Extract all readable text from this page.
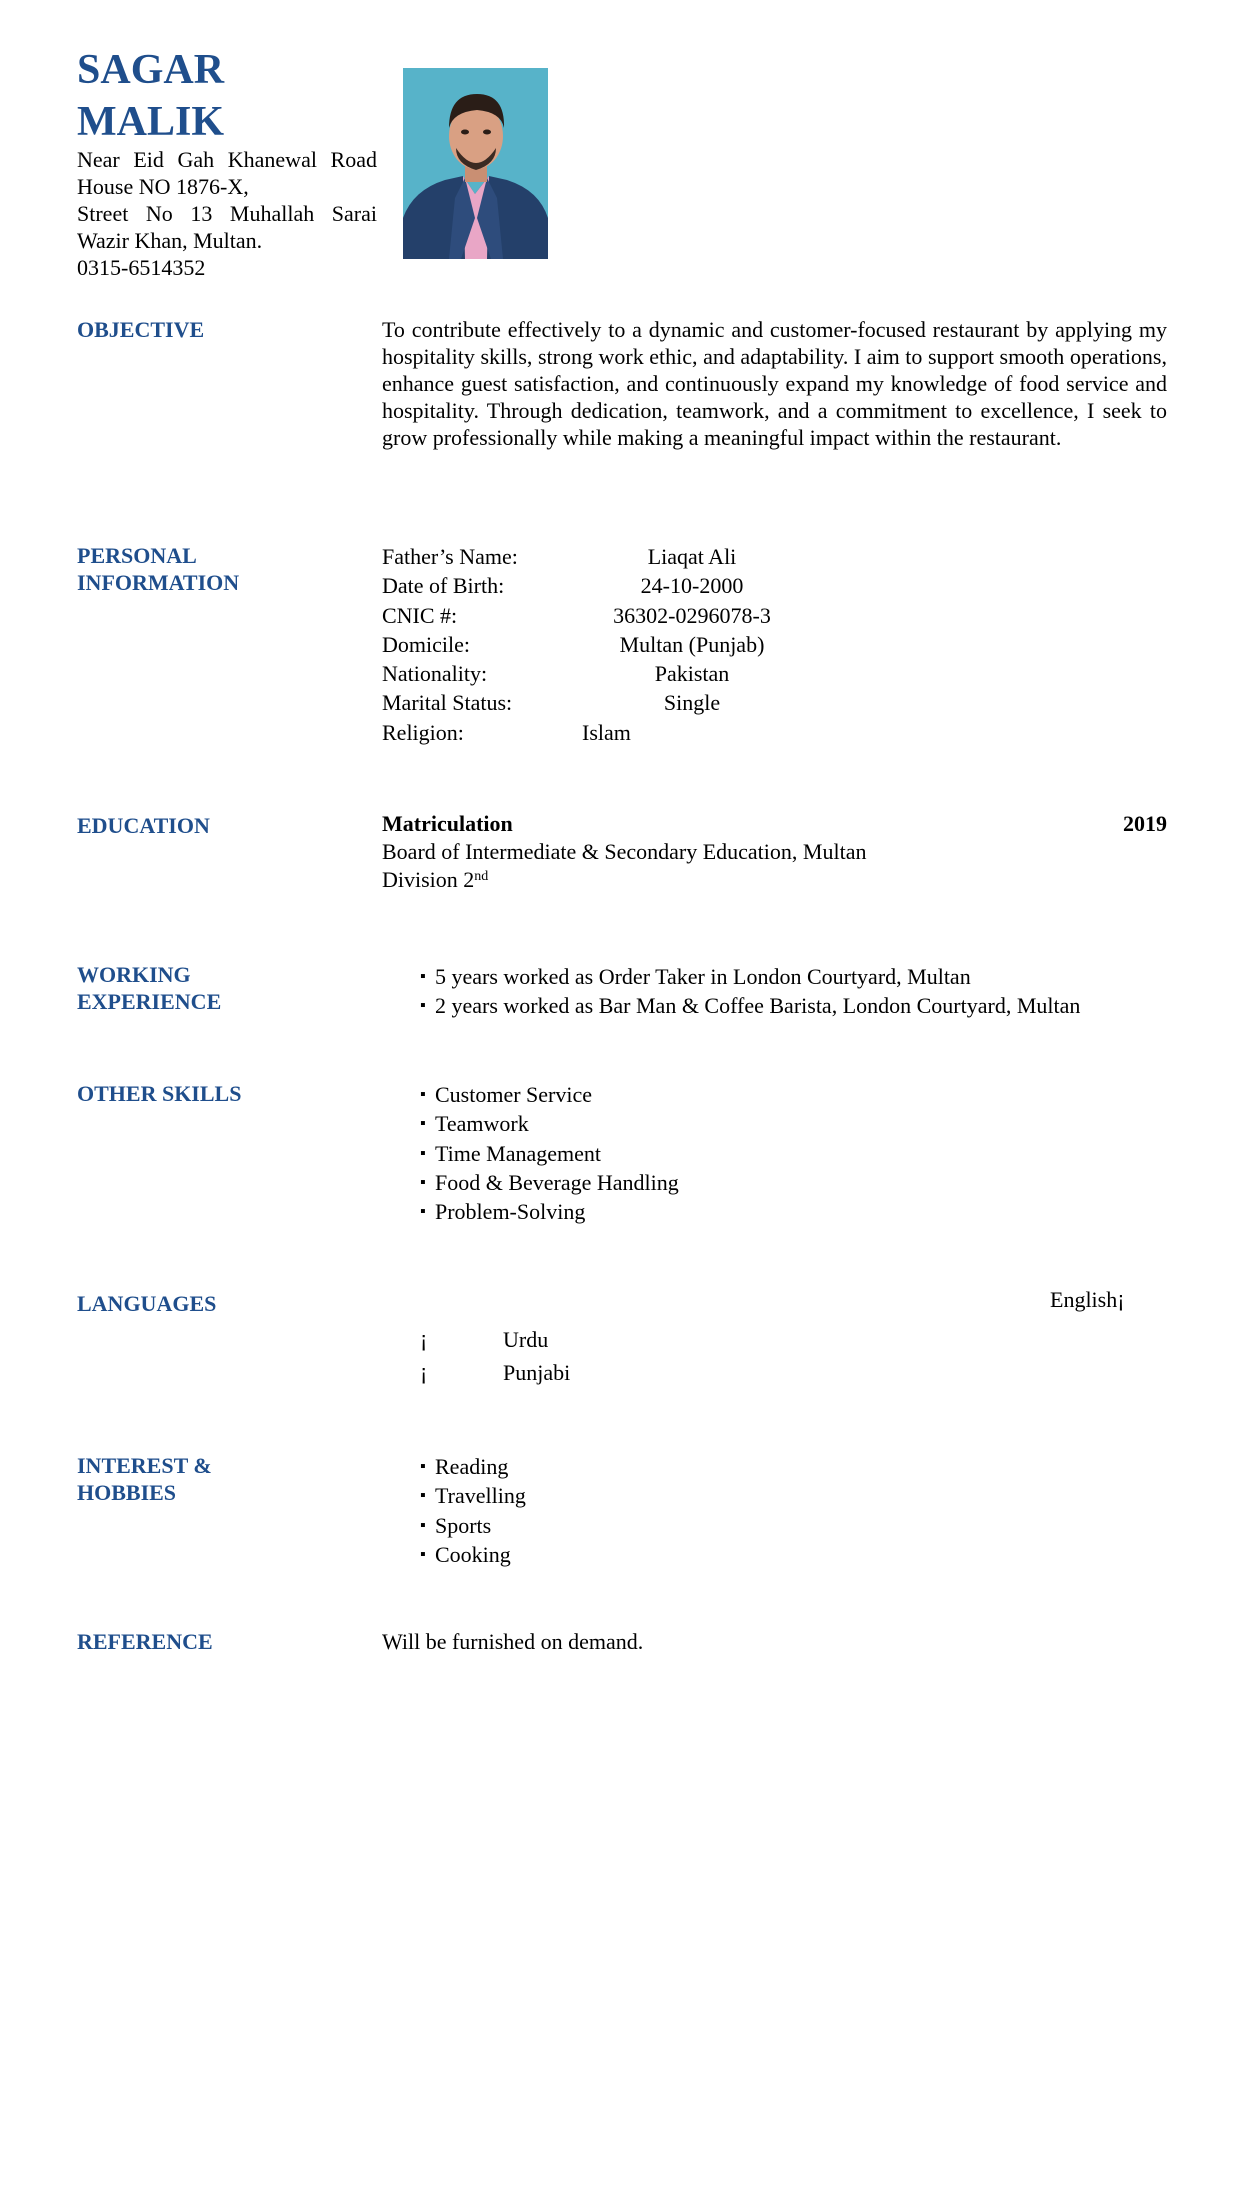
SAGAR
MALIK
Near Eid Gah Khanewal Road
House NO 1876-X,
Street No 13 Muhallah Sarai
Wazir Khan, Multan.
0315-6514352
OBJECTIVE	To contribute effectively to a dynamic and customer-focused restaurant by applying my hospitality skills, strong work ethic, and adaptability. I aim to support smooth operations, enhance guest satisfaction, and continuously expand my knowledge of food service and hospitality. Through dedication, teamwork, and a commitment to excellence, I seek to grow professionally while making a meaningful impact within the restaurant.

PERSONAL
INFORMATION
Father’s Name:	Liaqat Ali
Date of Birth:	24-10-2000
CNIC #:	36302-0296078-3
Domicile:	Multan (Punjab)
Nationality:	Pakistan
Marital Status:	Single
Religion:	Islam
EDUCATION	Matriculation	2019
Board of Intermediate & Secondary Education, Multan
Division 2nd
WORKING
EXPERIENCE
▪ 5 years worked as Order Taker in London Courtyard, Multan
▪ 2 years worked as Bar Man & Coffee Barista, London Courtyard, Multan
OTHER SKILLS
▪	Customer Service
▪ Teamwork
▪ Time Management
▪ Food & Beverage Handling
▪ Problem-Solving
LANGUAGES	English¡
¡	Urdu
¡	Punjabi
INTEREST &
HOBBIES
▪ Reading
▪ Travelling
▪ Sports
▪ Cooking
REFERENCE	Will be furnished on demand.
